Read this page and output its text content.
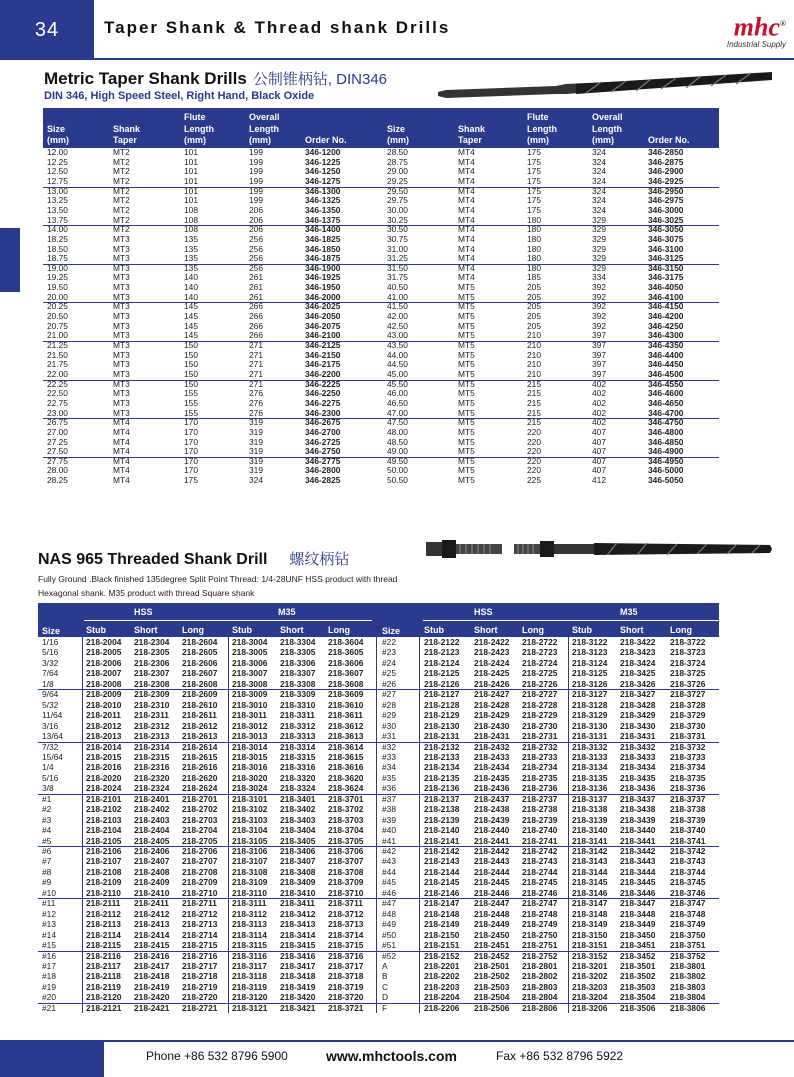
34	Taper Shank & Thread shank Drills	mhc®
Industrial Supply
Metric Taper Shank Drills 公制锥柄钻, DIN346
DIN 346, High Speed Steel, Right Hand, Black Oxide
Size
(mm)
Shank
Taper
Flute
Length
(mm)
Overall
Length
(mm)	Order No.
Size
(mm)
Shank
Taper
Flute
Length
(mm)
Overall
Length
(mm)	Order No.
12.00	MT2	101	199	346-1200	28.50	MT4	175	324	346-2850
12.25	MT2	101	199	346-1225	28.75	MT4	175	324	346-2875
12.50	MT2	101	199	346-1250	29.00	MT4	175	324	346-2900
12.75	MT2	101	199	346-1275	29.25	MT4	175	324	346-2925
13.00	MT2	101	199	346-1300	29.50	MT4	175	324	346-2950
13.25	MT2	101	199	346-1325	29.75	MT4	175	324	346-2975
13.50	MT2	108	206	346-1350	30.00	MT4	175	324	346-3000
13.75	MT2	108	206	346-1375	30.25	MT4	180	329	346-3025
14.00	MT2	108	206	346-1400	30.50	MT4	180	329	346-3050
18.25	MT3	135	256	346-1825	30.75	MT4	180	329	346-3075
18.50	MT3	135	256	346-1850	31.00	MT4	180	329	346-3100
18.75	MT3	135	256	346-1875	31.25	MT4	180	329	346-3125
19.00	MT3	135	256	346-1900	31.50	MT4	180	329	346-3150
19.25	MT3	140	261	346-1925	31.75	MT4	185	334	346-3175
19.50	MT3	140	261	346-1950	40.50	MT5	205	392	346-4050
20.00	MT3	140	261	346-2000	41.00	MT5	205	392	346-4100
20.25	MT3	145	266	346-2025	41.50	MT5	205	392	346-4150
20.50	MT3	145	266	346-2050	42.00	MT5	205	392	346-4200
20.75	MT3	145	266	346-2075	42.50	MT5	205	392	346-4250
21.00	MT3	145	266	346-2100	43.00	MT5	210	397	346-4300
21.25	MT3	150	271	346-2125	43.50	MT5	210	397	346-4350
21.50	MT3	150	271	346-2150	44.00	MT5	210	397	346-4400
21.75	MT3	150	271	346-2175	44.50	MT5	210	397	346-4450
22.00	MT3	150	271	346-2200	45.00	MT5	210	397	346-4500
22.25	MT3	150	271	346-2225	45.50	MT5	215	402	346-4550
22.50	MT3	155	276	346-2250	46.00	MT5	215	402	346-4600
22.75	MT3	155	276	346-2275	46.50	MT5	215	402	346-4650
23.00	MT3	155	276	346-2300	47.00	MT5	215	402	346-4700
26.75	MT4	170	319	346-2675	47.50	MT5	215	402	346-4750
27.00	MT4	170	319	346-2700	48.00	MT5	220	407	346-4800
27.25	MT4	170	319	346-2725	48.50	MT5	220	407	346-4850
27.50	MT4	170	319	346-2750	49.00	MT5	220	407	346-4900
27.75	MT4	170	319	346-2775	49.50	MT5	220	407	346-4950
28.00	MT4	170	319	346-2800	50.00	MT5	220	407	346-5000
28.25	MT4	175	324	346-2825	50.50	MT5	225	412	346-5050
NAS 965 Threaded Shank Drill 螺纹柄钻
Fully Ground .Black finished 135degree Split Point Thread: 1/4-28UNF HSS product with thread Hexagonal shank. M35 product with thread Square shank
HSS	M35	HSS	M35
Size	Stub	Short	Long	Stub	Short	Long	Size	Stub	Short	Long	Stub	Short	Long
1/16	218-2004 218-2304 218-2604 218-3004 218-3304 218-3604 #22	218-2122 218-2422 218-2722 218-3122 218-3422 218-3722
5/16	218-2005 218-2305 218-2605 218-3005 218-3305 218-3605 #23	218-2123 218-2423 218-2723 218-3123 218-3423 218-3723
3/32	218-2006 218-2306 218-2606 218-3006 218-3306 218-3606 #24	218-2124 218-2424 218-2724 218-3124 218-3424 218-3724
7/64	218-2007 218-2307 218-2607 218-3007 218-3307 218-3607 #25	218-2125 218-2425 218-2725 218-3125 218-3425 218-3725
1/8	218-2008 218-2308 218-2608 218-3008 218-3308 218-3608 #26	218-2126 218-2426 218-2726 218-3126 218-3426 218-3726
9/64	218-2009 218-2309 218-2609 218-3009 218-3309 218-3609 #27	218-2127 218-2427 218-2727 218-3127 218-3427 218-3727
5/32	218-2010 218-2310 218-2610 218-3010 218-3310 218-3610 #28	218-2128 218-2428 218-2728 218-3128 218-3428 218-3728
11/64	218-2011 218-2311 218-2611 218-3011 218-3311 218-3611 #29	218-2129 218-2429 218-2729 218-3129 218-3429 218-3729
3/16	218-2012 218-2312 218-2612 218-3012 218-3312 218-3612 #30	218-2130 218-2430 218-2730 218-3130 218-3430 218-3730
13/64	218-2013 218-2313 218-2613 218-3013 218-3313 218-3613 #31	218-2131 218-2431 218-2731 218-3131 218-3431 218-3731
7/32	218-2014 218-2314 218-2614 218-3014 218-3314 218-3614 #32	218-2132 218-2432 218-2732 218-3132 218-3432 218-3732
15/64	218-2015 218-2315 218-2615 218-3015 218-3315 218-3615 #33	218-2133 218-2433 218-2733 218-3133 218-3433 218-3733
1/4	218-2016 218-2316 218-2616 218-3016 218-3316 218-3616 #34	218-2134 218-2434 218-2734 218-3134 218-3434 218-3734
5/16	218-2020 218-2320 218-2620 218-3020 218-3320 218-3620 #35	218-2135 218-2435 218-2735 218-3135 218-3435 218-3735
3/8	218-2024 218-2324 218-2624 218-3024 218-3324 218-3624 #36	218-2136 218-2436 218-2736 218-3136 218-3436 218-3736
#1	218-2101 218-2401 218-2701 218-3101 218-3401 218-3701 #37	218-2137 218-2437 218-2737 218-3137 218-3437 218-3737
#2	218-2102 218-2402 218-2702 218-3102 218-3402 218-3702 #38	218-2138 218-2438 218-2738 218-3138 218-3438 218-3738
#3	218-2103 218-2403 218-2703 218-3103 218-3403 218-3703 #39	218-2139 218-2439 218-2739 218-3139 218-3439 218-3739
#4	218-2104 218-2404 218-2704 218-3104 218-3404 218-3704 #40	218-2140 218-2440 218-2740 218-3140 218-3440 218-3740
#5	218-2105 218-2405 218-2705 218-3105 218-3405 218-3705 #41	218-2141 218-2441 218-2741 218-3141 218-3441 218-3741
#6	218-2106 218-2406 218-2706 218-3106 218-3406 218-3706 #42	218-2142 218-2442 218-2742 218-3142 218-3442 218-3742
#7	218-2107 218-2407 218-2707 218-3107 218-3407 218-3707 #43	218-2143 218-2443 218-2743 218-3143 218-3443 218-3743
#8	218-2108 218-2408 218-2708 218-3108 218-3408 218-3708 #44	218-2144 218-2444 218-2744 218-3144 218-3444 218-3744
#9	218-2109 218-2409 218-2709 218-3109 218-3409 218-3709 #45	218-2145 218-2445 218-2745 218-3145 218-3445 218-3745
#10	218-2110 218-2410 218-2710 218-3110 218-3410 218-3710 #46	218-2146 218-2446 218-2746 218-3146 218-3446 218-3746
#11	218-2111 218-2411 218-2711 218-3111 218-3411 218-3711 #47	218-2147 218-2447 218-2747 218-3147 218-3447 218-3747
#12	218-2112 218-2412 218-2712 218-3112 218-3412 218-3712 #48	218-2148 218-2448 218-2748 218-3148 218-3448 218-3748
#13	218-2113 218-2413 218-2713 218-3113 218-3413 218-3713 #49	218-2149 218-2449 218-2749 218-3149 218-3449 218-3749
#14	218-2114 218-2414 218-2714 218-3114 218-3414 218-3714 #50	218-2150 218-2450 218-2750 218-3150 218-3450 218-3750
#15	218-2115 218-2415 218-2715 218-3115 218-3415 218-3715 #51	218-2151 218-2451 218-2751 218-3151 218-3451 218-3751
#16	218-2116 218-2416 218-2716 218-3116 218-3416 218-3716 #52	218-2152 218-2452 218-2752 218-3152 218-3452 218-3752
#17	218-2117 218-2417 218-2717 218-3117 218-3417 218-3717 A	218-2201 218-2501 218-2801 218-3201 218-3501 218-3801
#18	218-2118 218-2418 218-2718 218-3118 218-3418 218-3718 B	218-2202 218-2502 218-2802 218-3202 218-3502 218-3802
#19	218-2119 218-2419 218-2719 218-3119 218-3419 218-3719 C	218-2203 218-2503 218-2803 218-3203 218-3503 218-3803
#20	218-2120 218-2420 218-2720 218-3120 218-3420 218-3720 D	218-2204 218-2504 218-2804 218-3204 218-3504 218-3804
#21	218-2121 218-2421 218-2721 218-3121 218-3421 218-3721 F	218-2206 218-2506 218-2806 218-3206 218-3506 218-3806
Phone +86 532 8796 5900	www.mhctools.com	Fax +86 532 8796 5922
